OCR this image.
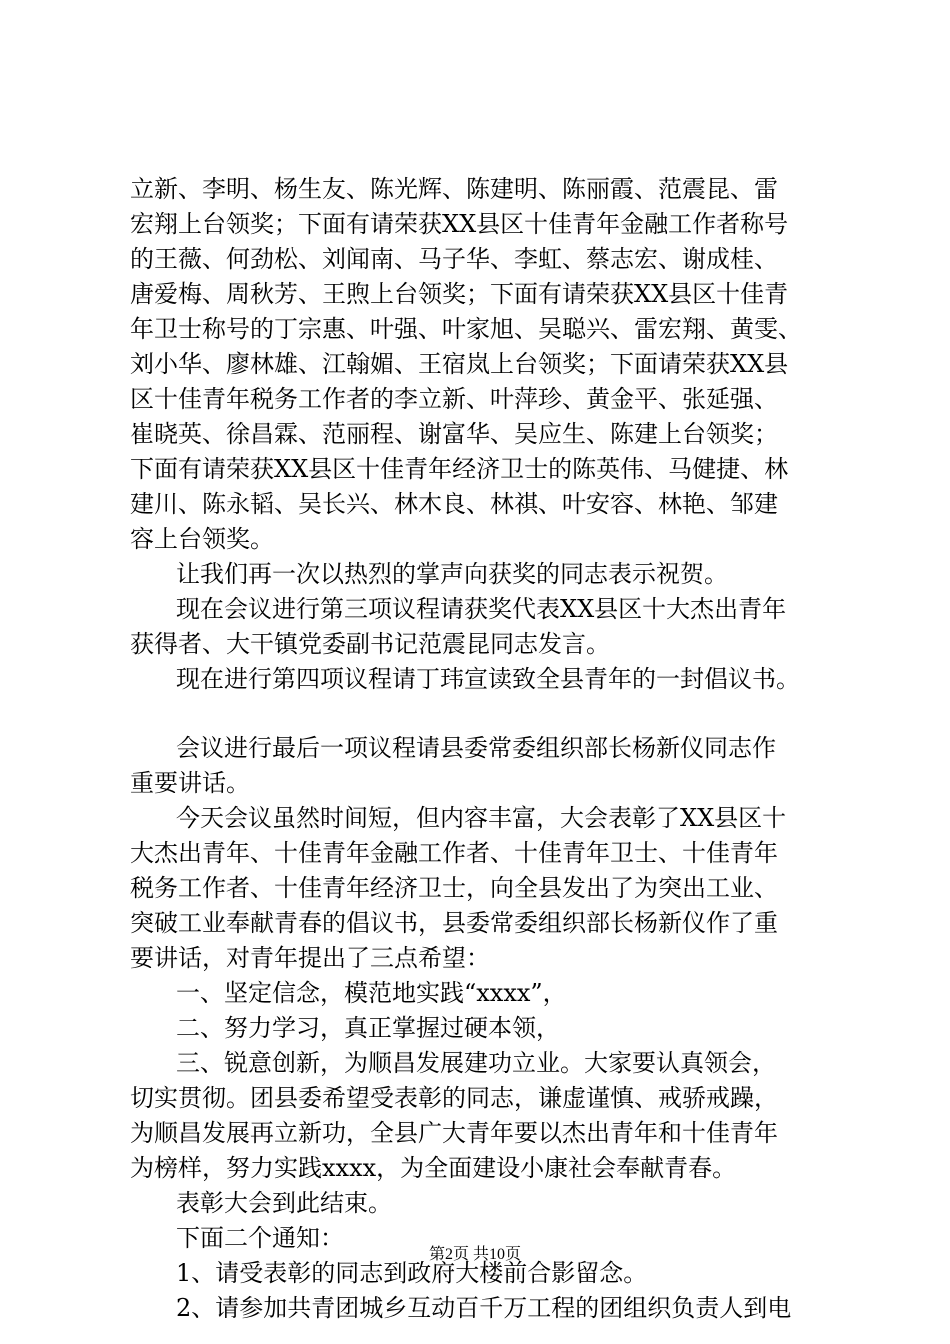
立新、李明、杨生友、陈光辉、陈建明、陈丽霞、范震昆、雷
宏翔上台领奖；下面有请荣获XX县区十佳青年金融工作者称号
的王薇、何劲松、刘闻南、马子华、李虹、蔡志宏、谢成桂、
唐爱梅、周秋芳、王煦上台领奖；下面有请荣获XX县区十佳青
年卫士称号的丁宗惠、叶强、叶家旭、吴聪兴、雷宏翔、黄雯、
刘小华、廖林雄、江翰媚、王宿岚上台领奖；下面请荣获XX县
区十佳青年税务工作者的李立新、叶萍珍、黄金平、张延强、
崔晓英、徐昌霖、范丽程、谢富华、吴应生、陈建上台领奖；
下面有请荣获XX县区十佳青年经济卫士的陈英伟、马健捷、林
建川、陈永韬、吴长兴、林木良、林祺、叶安容、林艳、邹建
容上台领奖。
让我们再一次以热烈的掌声向获奖的同志表示祝贺。
现在会议进行第三项议程请获奖代表XX县区十大杰出青年
获得者、大干镇党委副书记范震昆同志发言。
现在进行第四项议程请丁玮宣读致全县青年的一封倡议书。
会议进行最后一项议程请县委常委组织部长杨新仪同志作
重要讲话。
今天会议虽然时间短，但内容丰富，大会表彰了XX县区十
大杰出青年、十佳青年金融工作者、十佳青年卫士、十佳青年
税务工作者、十佳青年经济卫士，向全县发出了为突出工业、
突破工业奉献青春的倡议书，县委常委组织部长杨新仪作了重
要讲话，对青年提出了三点希望：
一、坚定信念，模范地实践“xxxx”，
二、努力学习，真正掌握过硬本领，
三、锐意创新，为顺昌发展建功立业。大家要认真领会，
切实贯彻。团县委希望受表彰的同志，谦虚谨慎、戒骄戒躁，
为顺昌发展再立新功，全县广大青年要以杰出青年和十佳青年
为榜样，努力实践xxxx，为全面建设小康社会奉献青春。
表彰大会到此结束。
下面二个通知：
1、请受表彰的同志到政府大楼前合影留念。
2、请参加共青团城乡互动百千万工程的团组织负责人到电
第2页 共10页
